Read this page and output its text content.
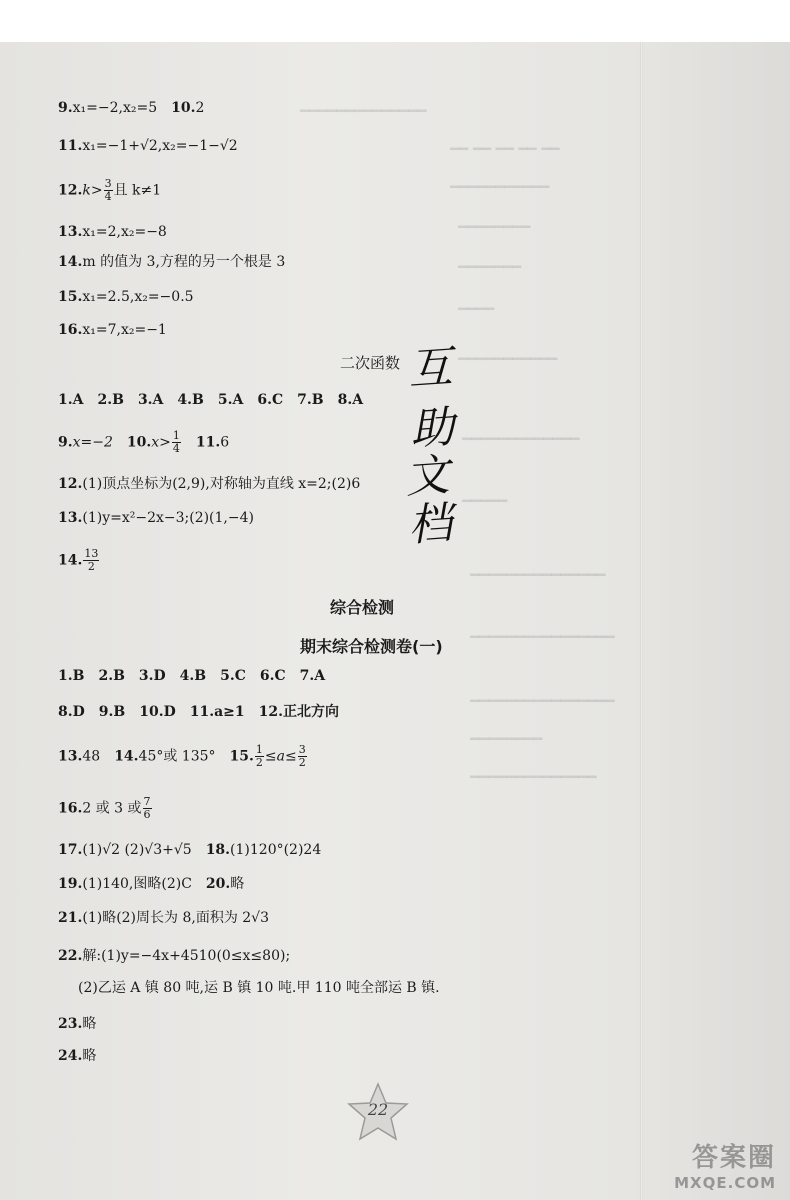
━━━━━━━━━━━━━━
━━ ━━ ━━ ━━ ━━
━━━━━━━━━━━
━━━━━━━━
━━━━━━━
━━━━
━━━━━━━━━━━
━━━━━━━━━━━━━
━━━━━
━━━━━━━━━━━━━━━
━━━━━━━━━━━━━━━━
━━━━━━━━━━━━━━━━
━━━━━━━━
━━━━━━━━━━━━━━
9.x₁=−2,x₂=5 10.2
11.x₁=−1+√2,x₂=−1−√2
$12.k> \frac{3}{4}$ 且 k≠1
13.x₁=2,x₂=−8
14.m 的值为 3,方程的另一个根是 3
15.x₁=2.5,x₂=−0.5
16.x₁=7,x₂=−1
二次函数 互
助
文
档
1.A 2.B 3.A 4.B 5.A 6.C 7.B 8.A
9.x=−2 $10.x> \frac{1}{4} 11.6$
12.(1)顶点坐标为(2,9),对称轴为直线 x=2;(2)6
13.(1)y=x²−2x−3;(2)(1,−4)
14. $\frac{13}{2}$
综合检测
期末综合检测卷(一)
1.B 2.B 3.D 4.B 5.C 6.C 7.A
8.D 9.B 10.D 11.a≥1 12.正北方向
13.48 14.45°或 135° 15. $\frac{1}{2} \le a\le \frac{3}{2}$
16.2 或 3 或 $\frac{7}{6}$
17.(1)√2 (2)√3+√5 18.(1)120°(2)24
19.(1)140,图略(2)C 20.略
21.(1)略(2)周长为 8,面积为 2√3
22.解:(1)y=−4x+4510(0≤x≤80);
(2)乙运 A 镇 80 吨,运 B 镇 10 吨.甲 110 吨全部运 B 镇.
23.略
24.略
22
答案圈
MXQE.COM
